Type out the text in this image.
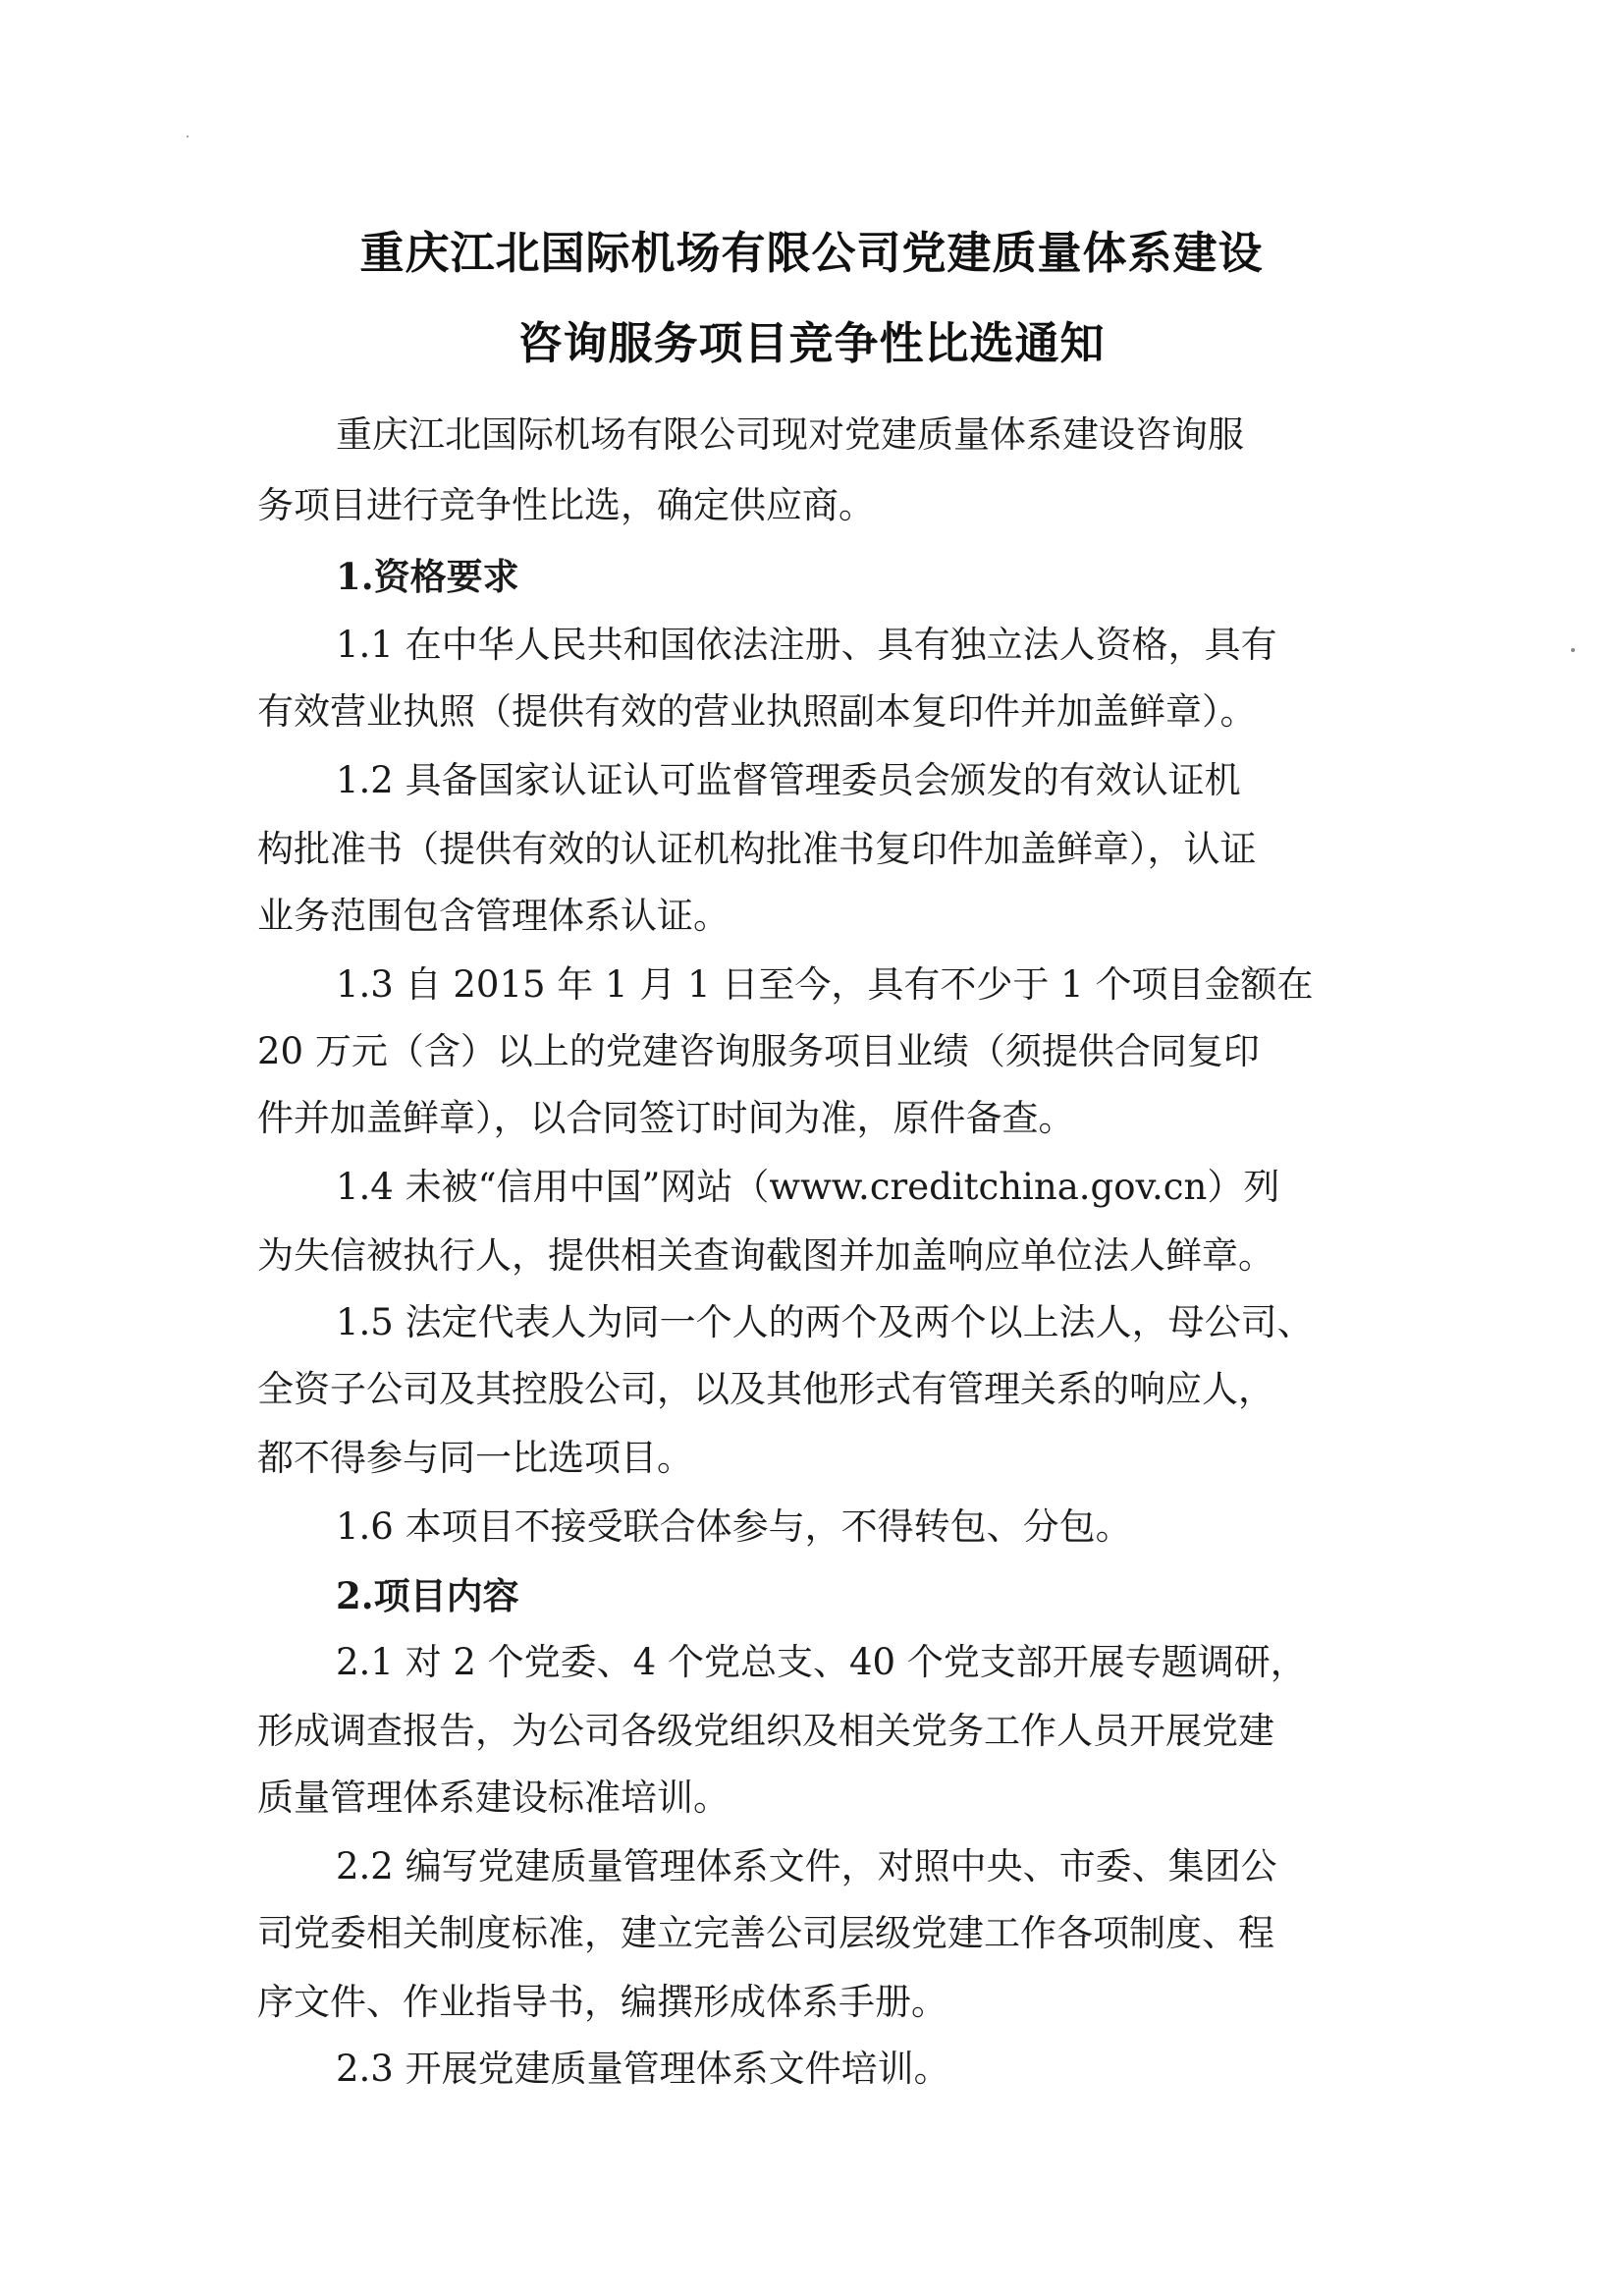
重庆江北国际机场有限公司党建质量体系建设
咨询服务项目竞争性比选通知
重庆江北国际机场有限公司现对党建质量体系建设咨询服
务项目进行竞争性比选，确定供应商。
1.资格要求
1.1 在中华人民共和国依法注册、具有独立法人资格，具有
有效营业执照（提供有效的营业执照副本复印件并加盖鲜章）。
1.2 具备国家认证认可监督管理委员会颁发的有效认证机
构批准书（提供有效的认证机构批准书复印件加盖鲜章），认证
业务范围包含管理体系认证。
1.3 自 2015 年 1 月 1 日至今，具有不少于 1 个项目金额在
20 万元（含）以上的党建咨询服务项目业绩（须提供合同复印
件并加盖鲜章），以合同签订时间为准，原件备查。
1.4 未被“信用中国”网站（www.creditchina.gov.cn）列
为失信被执行人，提供相关查询截图并加盖响应单位法人鲜章。
1.5 法定代表人为同一个人的两个及两个以上法人，母公司、
全资子公司及其控股公司，以及其他形式有管理关系的响应人，
都不得参与同一比选项目。
1.6 本项目不接受联合体参与，不得转包、分包。
2.项目内容
2.1 对 2 个党委、4 个党总支、40 个党支部开展专题调研，
形成调查报告，为公司各级党组织及相关党务工作人员开展党建
质量管理体系建设标准培训。
2.2 编写党建质量管理体系文件，对照中央、市委、集团公
司党委相关制度标准，建立完善公司层级党建工作各项制度、程
序文件、作业指导书，编撰形成体系手册。
2.3 开展党建质量管理体系文件培训。
